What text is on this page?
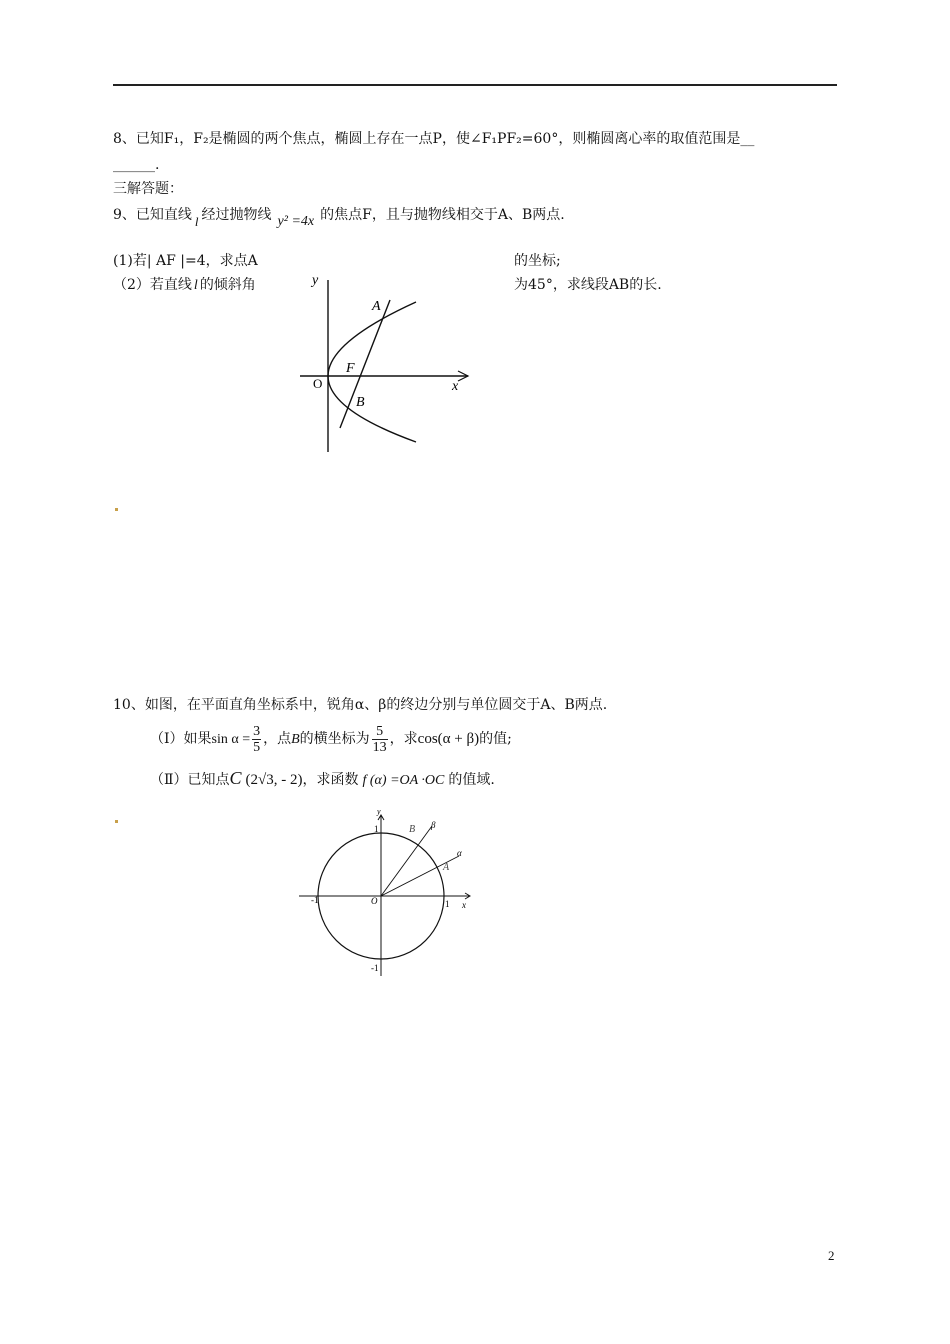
8、已知F₁，F₂是椭圆的两个焦点，椭圆上存在一点P，使∠F₁PF₂=60°，则椭圆离心率的取值范围是__
______.
三解答题：
9、已知直线 l 经过抛物线 y² =4x 的焦点F，且与抛物线相交于A、B两点.
(1)若| AF |=4，求点A	的坐标;
（2）若直线 l 的倾斜角	为45°，求线段AB的长.
y
x
O
F
A
B
10、如图，在平面直角坐标系中，锐角α、β的终边分别与单位圆交于A、B两点.
（Ⅰ）如果$\sin \alpha = \frac{3}{5}$ ，点B的横坐标为 $\frac{5}{13}$ ，求cos(α + β)的值;
（Ⅱ）已知点C (2√3, - 2)，求函数 f (α) =OA ·OC 的值域.
y
x
O	1
-1
1
-1
B
A
β
α
2
